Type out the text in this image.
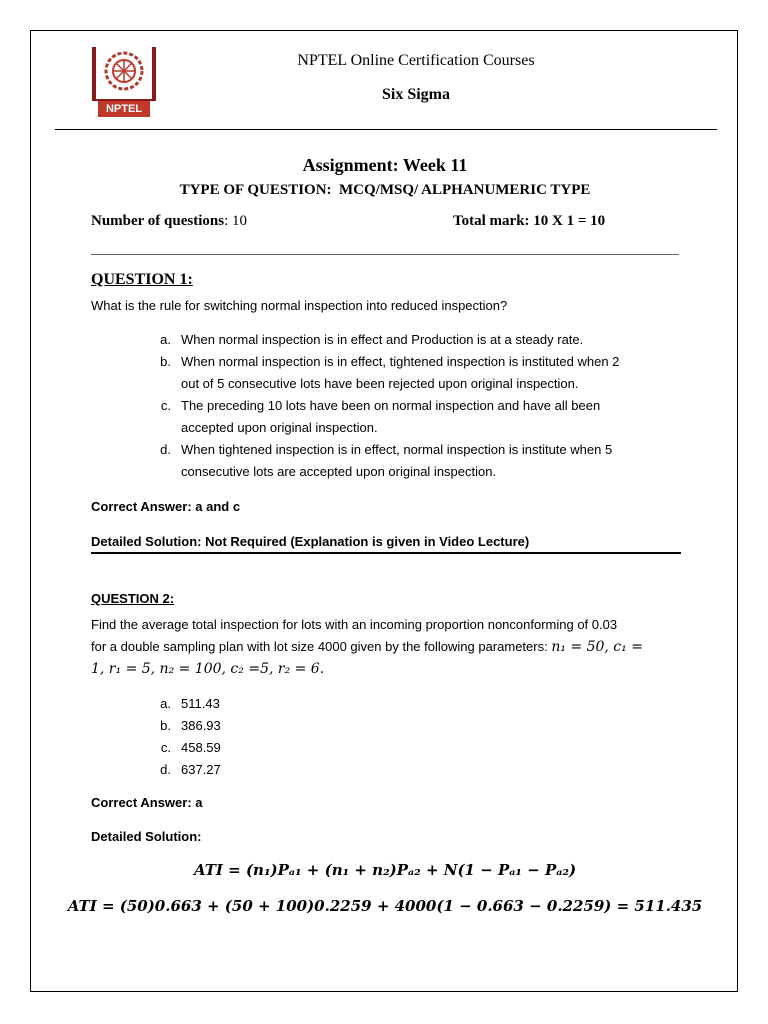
NPTEL
NPTEL Online Certification Courses
Six Sigma
Assignment: Week 11
TYPE OF QUESTION:  MCQ/MSQ/ ALPHANUMERIC TYPE
Number of questions: 10	Total mark: 10 X 1 = 10
QUESTION 1:
What is the rule for switching normal inspection into reduced inspection?
a. When normal inspection is in effect and Production is at a steady rate.
b. When normal inspection is in effect, tightened inspection is instituted when 2
out of 5 consecutive lots have been rejected upon original inspection.
c. The preceding 10 lots have been on normal inspection and have all been
accepted upon original inspection.
d. When tightened inspection is in effect, normal inspection is institute when 5
consecutive lots are accepted upon original inspection.
Correct Answer: a and c
Detailed Solution: Not Required (Explanation is given in Video Lecture)
QUESTION 2:
Find the average total inspection for lots with an incoming proportion nonconforming of 0.03
for a double sampling plan with lot size 4000 given by the following parameters: n₁ = 50, c₁ =
1, r₁ = 5, n₂ = 100, c₂ =5, r₂ = 6.
a. 511.43
b. 386.93
c. 458.59
d. 637.27
Correct Answer: a
Detailed Solution:
ATI = (n₁)Pₐ₁ + (n₁ + n₂)Pₐ₂ + N(1 − Pₐ₁ − Pₐ₂)
ATI = (50)0.663 + (50 + 100)0.2259 + 4000(1 − 0.663 − 0.2259) = 511.435
